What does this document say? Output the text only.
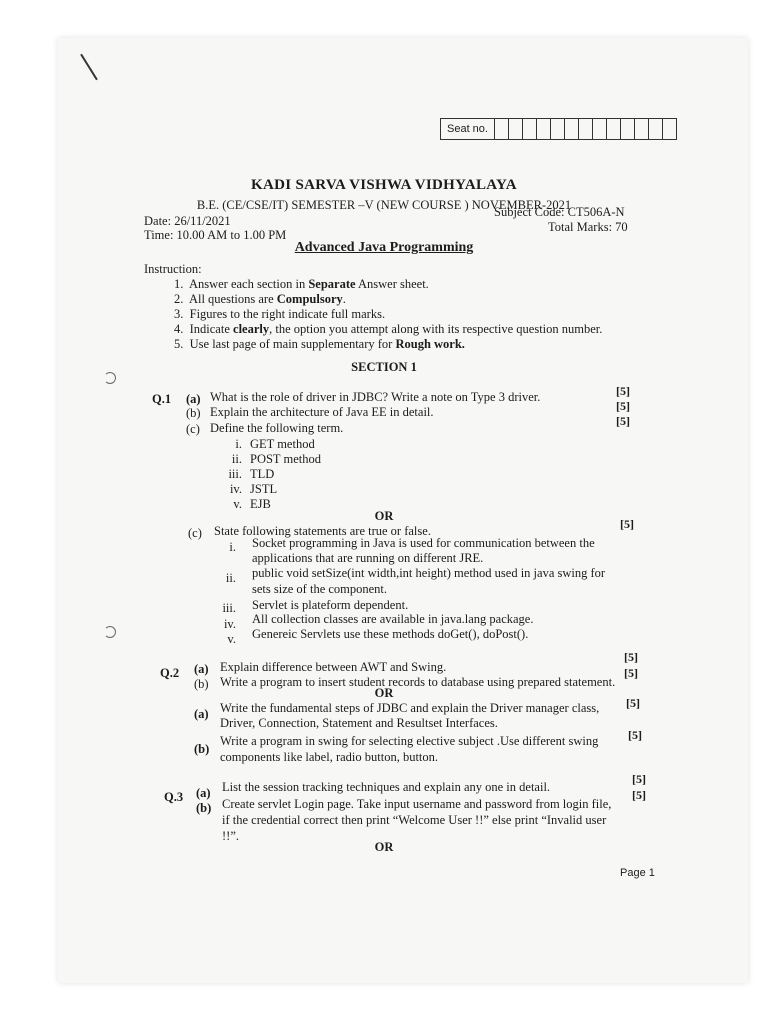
Seat no.
KADI SARVA VISHWA VIDHYALAYA
B.E. (CE/CSE/IT) SEMESTER –V (NEW COURSE ) NOVEMBER-2021
Date: 26/11/2021
Time: 10.00 AM to 1.00 PM
Subject Code: CT506A-N
Total Marks: 70
Advanced Java Programming
Instruction:
1. Answer each section in Separate Answer sheet.
2. All questions are Compulsory.
3. Figures to the right indicate full marks.
4. Indicate clearly, the option you attempt along with its respective question number.
5. Use last page of main supplementary for Rough work.
SECTION 1
Q.1 (a) What is the role of driver in JDBC? Write a note on Type 3 driver.
(b) Explain the architecture of Java EE in detail.
(c) Define the following term.
[5]
[5]
[5]
i. GET method
ii. POST method
iii. TLD
iv. JSTL
v. EJB
OR
(c) State following statements are true or false.	[5]
i. Socket programming in Java is used for communication between the
applications that are running on different JRE.
ii. public void setSize(int width,int height) method used in java swing for
sets size of the component.
iii. Servlet is plateform dependent.
iv. All collection classes are available in java.lang package.
v. Genereic Servlets use these methods doGet(), doPost().
Q.2 (a) Explain difference between AWT and Swing.
(b) Write a program to insert student records to database using prepared statement.
[5]
[5]
OR
(a) Write the fundamental steps of JDBC and explain the Driver manager class,
Driver, Connection, Statement and Resultset Interfaces.
[5]
(b)
Write a program in swing for selecting elective subject .Use different swing
components like label, radio button, button.
[5]
Q.3 (a) List the session tracking techniques and explain any one in detail.
(b) Create servlet Login page. Take input username and password from login file,
if the credential correct then print “Welcome User !!” else print “Invalid user
!!”.
[5]
[5]
OR
Page 1
